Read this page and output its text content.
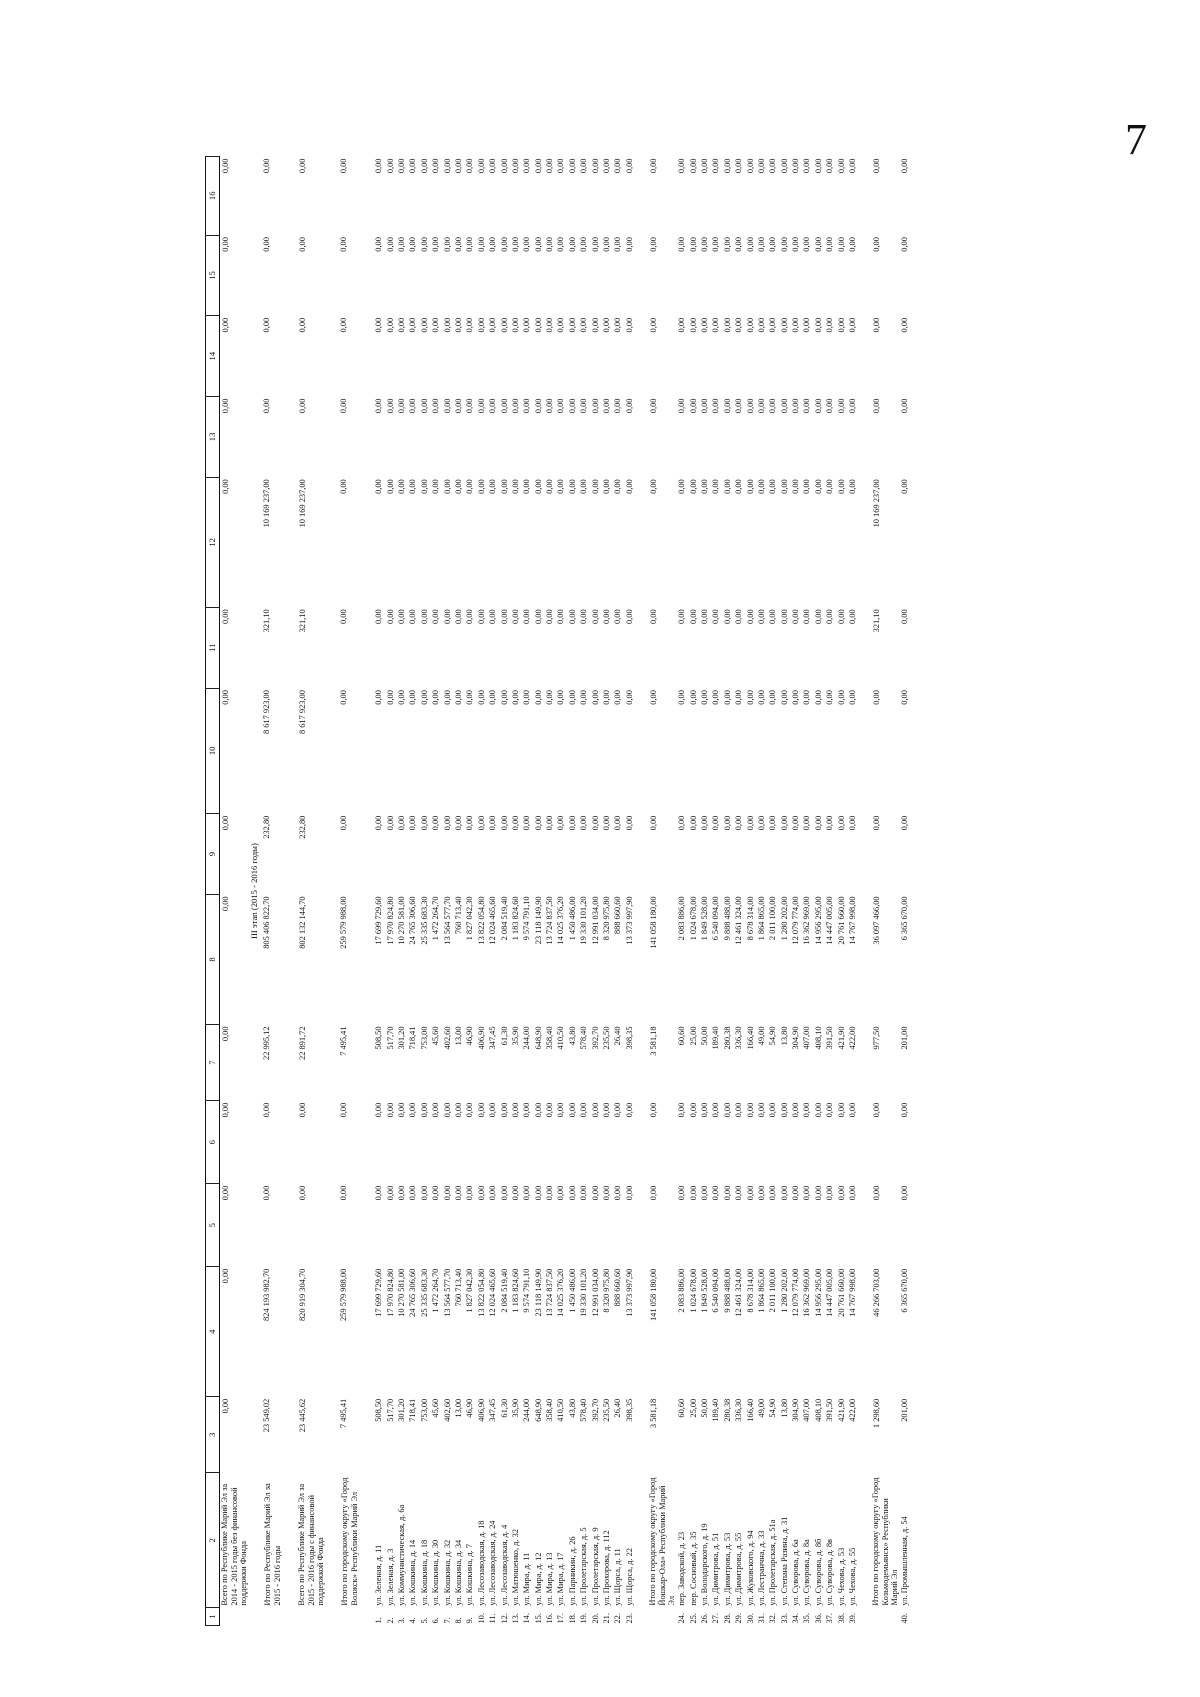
7
1	2	3	4	5	6	7	8	9	10	11	12	13	14	15	16
	Всего по Республике Марий Эл за 2014 - 2015 годы без финансовой поддержки Фонда	0,00	0,00	0,00	0,00	0,00	0,00	0,00	0,00	0,00	0,00	0,00	0,00	0,00	0,00
III этап (2015 - 2016 годы)															
	Итого по Республике Марий Эл за 2015 - 2016 годы	23 549,02	824 193 982,70	0,00	0,00	22 995,12	805 406 822,70	232,80	8 617 923,00	321,10	10 169 237,00	0,00	0,00	0,00	0,00

	Всего по Республике Марий Эл за 2015 - 2016 годы с финансовой поддержкой Фонда	23 445,62	820 919 304,70	0,00	0,00	22 891,72	802 132 144,70	232,80	8 617 923,00	321,10	10 169 237,00	0,00	0,00	0,00	0,00

	Итого по городскому округу «Город Волжск» Республики Марий Эл	7 495,41	259 579 988,00	0,00	0,00	7 495,41	259 579 988,00	0,00	0,00	0,00	0,00	0,00	0,00	0,00	0,00

1.	ул. Зеленая, д. 11	508,50	17 699 729,60	0,00	0,00	508,50	17 699 729,60	0,00	0,00	0,00	0,00	0,00	0,00	0,00	0,00
2.	ул. Зеленая, д. 3	517,70	17 970 824,80	0,00	0,00	517,70	17 970 824,80	0,00	0,00	0,00	0,00	0,00	0,00	0,00	0,00
3.	ул. Коммунистическая, д. 6а	301,20	10 270 581,00	0,00	0,00	301,20	10 270 581,00	0,00	0,00	0,00	0,00	0,00	0,00	0,00	0,00
4.	ул. Кошкина, д. 14	718,41	24 765 306,60	0,00	0,00	718,41	24 765 306,60	0,00	0,00	0,00	0,00	0,00	0,00	0,00	0,00
5.	ул. Кошкина, д. 18	753,00	25 335 683,30	0,00	0,00	753,00	25 335 683,30	0,00	0,00	0,00	0,00	0,00	0,00	0,00	0,00
6.	ул. Кошкина, д. 30	45,60	1 472 264,70	0,00	0,00	45,60	1 472 264,70	0,00	0,00	0,00	0,00	0,00	0,00	0,00	0,00
7.	ул. Кошкина, д. 32	402,60	13 564 577,70	0,00	0,00	402,60	13 564 577,70	0,00	0,00	0,00	0,00	0,00	0,00	0,00	0,00
8.	ул. Кошкина, д. 34	13,00	760 713,40	0,00	0,00	13,00	760 713,40	0,00	0,00	0,00	0,00	0,00	0,00	0,00	0,00
9.	ул. Кошкина, д. 7	46,90	1 827 042,30	0,00	0,00	46,90	1 827 042,30	0,00	0,00	0,00	0,00	0,00	0,00	0,00	0,00
10.	ул. Лесозаводская, д. 18	406,90	13 822 054,80	0,00	0,00	406,90	13 822 054,80	0,00	0,00	0,00	0,00	0,00	0,00	0,00	0,00
11.	ул. Лесозаводская, д. 24	347,45	12 024 465,60	0,00	0,00	347,45	12 024 465,60	0,00	0,00	0,00	0,00	0,00	0,00	0,00	0,00
12.	ул. Лесозаводская, д. 4	61,30	2 084 519,40	0,00	0,00	61,30	2 084 519,40	0,00	0,00	0,00	0,00	0,00	0,00	0,00	0,00
13.	ул. Матюшенко, д. 32	35,90	1 183 824,60	0,00	0,00	35,90	1 183 824,60	0,00	0,00	0,00	0,00	0,00	0,00	0,00	0,00
14.	ул. Мира, д. 11	244,00	9 574 791,10	0,00	0,00	244,00	9 574 791,10	0,00	0,00	0,00	0,00	0,00	0,00	0,00	0,00
15.	ул. Мира, д. 12	648,90	23 118 149,90	0,00	0,00	648,90	23 118 149,90	0,00	0,00	0,00	0,00	0,00	0,00	0,00	0,00
16.	ул. Мира, д. 13	358,40	13 724 837,50	0,00	0,00	358,40	13 724 837,50	0,00	0,00	0,00	0,00	0,00	0,00	0,00	0,00
17.	ул. Мира, д. 17	410,50	14 025 376,20	0,00	0,00	410,50	14 025 376,20	0,00	0,00	0,00	0,00	0,00	0,00	0,00	0,00
18.	ул. Парникин, д. 26	43,80	1 450 486,00	0,00	0,00	43,80	1 450 486,00	0,00	0,00	0,00	0,00	0,00	0,00	0,00	0,00
19.	ул. Пролетарская, д. 5	578,40	19 330 101,20	0,00	0,00	578,40	19 330 101,20	0,00	0,00	0,00	0,00	0,00	0,00	0,00	0,00
20.	ул. Пролетарская, д. 9	392,70	12 991 034,00	0,00	0,00	392,70	12 991 034,00	0,00	0,00	0,00	0,00	0,00	0,00	0,00	0,00
21.	ул. Прохорова, д. 112	235,50	8 320 975,80	0,00	0,00	235,50	8 320 975,80	0,00	0,00	0,00	0,00	0,00	0,00	0,00	0,00
22.	ул. Щорса, д. 11	26,40	888 660,60	0,00	0,00	26,40	888 660,60	0,00	0,00	0,00	0,00	0,00	0,00	0,00	0,00
23.	ул. Щорса, д. 22	398,35	13 373 997,90	0,00	0,00	398,35	13 373 997,90	0,00	0,00	0,00	0,00	0,00	0,00	0,00	0,00

	Итого по городскому округу «Город Йошкар-Ола» Республики Марий Эл	3 581,18	141 058 180,00	0,00	0,00	3 581,18	141 058 180,00	0,00	0,00	0,00	0,00	0,00	0,00	0,00	0,00
24.	пер. Заводской, д. 23	60,60	2 083 886,00	0,00	0,00	60,60	2 083 886,00	0,00	0,00	0,00	0,00	0,00	0,00	0,00	0,00
25.	пер. Сосновый, д. 35	25,00	1 024 678,00	0,00	0,00	25,00	1 024 678,00	0,00	0,00	0,00	0,00	0,00	0,00	0,00	0,00
26.	ул. Володарского, д. 19	50,00	1 849 528,00	0,00	0,00	50,00	1 849 528,00	0,00	0,00	0,00	0,00	0,00	0,00	0,00	0,00
27.	ул. Димитрова, д. 51	189,40	6 540 094,00	0,00	0,00	189,40	6 540 094,00	0,00	0,00	0,00	0,00	0,00	0,00	0,00	0,00
28.	ул. Димитрова, д. 53	280,38	9 888 488,00	0,00	0,00	280,38	9 888 488,00	0,00	0,00	0,00	0,00	0,00	0,00	0,00	0,00
29.	ул. Димитрова, д. 55	336,30	12 461 324,00	0,00	0,00	336,30	12 461 324,00	0,00	0,00	0,00	0,00	0,00	0,00	0,00	0,00
30.	ул. Жуковского, д. 94	166,40	8 678 314,00	0,00	0,00	166,40	8 678 314,00	0,00	0,00	0,00	0,00	0,00	0,00	0,00	0,00
31.	ул. Лестранчна, д. 33	49,00	1 864 865,00	0,00	0,00	49,00	1 864 865,00	0,00	0,00	0,00	0,00	0,00	0,00	0,00	0,00
32.	ул. Пролетарская, д. 51а	54,90	2 011 100,00	0,00	0,00	54,90	2 011 100,00	0,00	0,00	0,00	0,00	0,00	0,00	0,00	0,00
33.	ул. Степана Разина, д. 31	13,80	1 280 202,00	0,00	0,00	13,80	1 280 202,00	0,00	0,00	0,00	0,00	0,00	0,00	0,00	0,00
34.	ул. Суворова, д. 6а	304,90	12 079 774,00	0,00	0,00	304,90	12 079 774,00	0,00	0,00	0,00	0,00	0,00	0,00	0,00	0,00
35.	ул. Суворова, д. 8а	407,00	16 362 969,00	0,00	0,00	407,00	16 362 969,00	0,00	0,00	0,00	0,00	0,00	0,00	0,00	0,00
36.	ул. Суворова, д. 8б	408,10	14 956 295,00	0,00	0,00	408,10	14 956 295,00	0,00	0,00	0,00	0,00	0,00	0,00	0,00	0,00
37.	ул. Суворова, д. 8в	391,50	14 447 005,00	0,00	0,00	391,50	14 447 005,00	0,00	0,00	0,00	0,00	0,00	0,00	0,00	0,00
38.	ул. Чехова, д. 53	421,90	20 761 660,00	0,00	0,00	421,90	20 761 660,00	0,00	0,00	0,00	0,00	0,00	0,00	0,00	0,00
39.	ул. Чехова, д. 55	422,00	14 767 998,00	0,00	0,00	422,00	14 767 998,00	0,00	0,00	0,00	0,00	0,00	0,00	0,00	0,00

	Итого по городскому округу «Город Козьмодемьянск» Республики Марий Эл	1 298,60	46 266 703,00	0,00	0,00	977,50	36 097 466,00	0,00	0,00	321,10	10 169 237,00	0,00	0,00	0,00	0,00
40.	ул. Промышленная, д. 54	201,00	6 365 670,00	0,00	0,00	201,00	6 365 670,00	0,00	0,00	0,00	0,00	0,00	0,00	0,00	0,00
